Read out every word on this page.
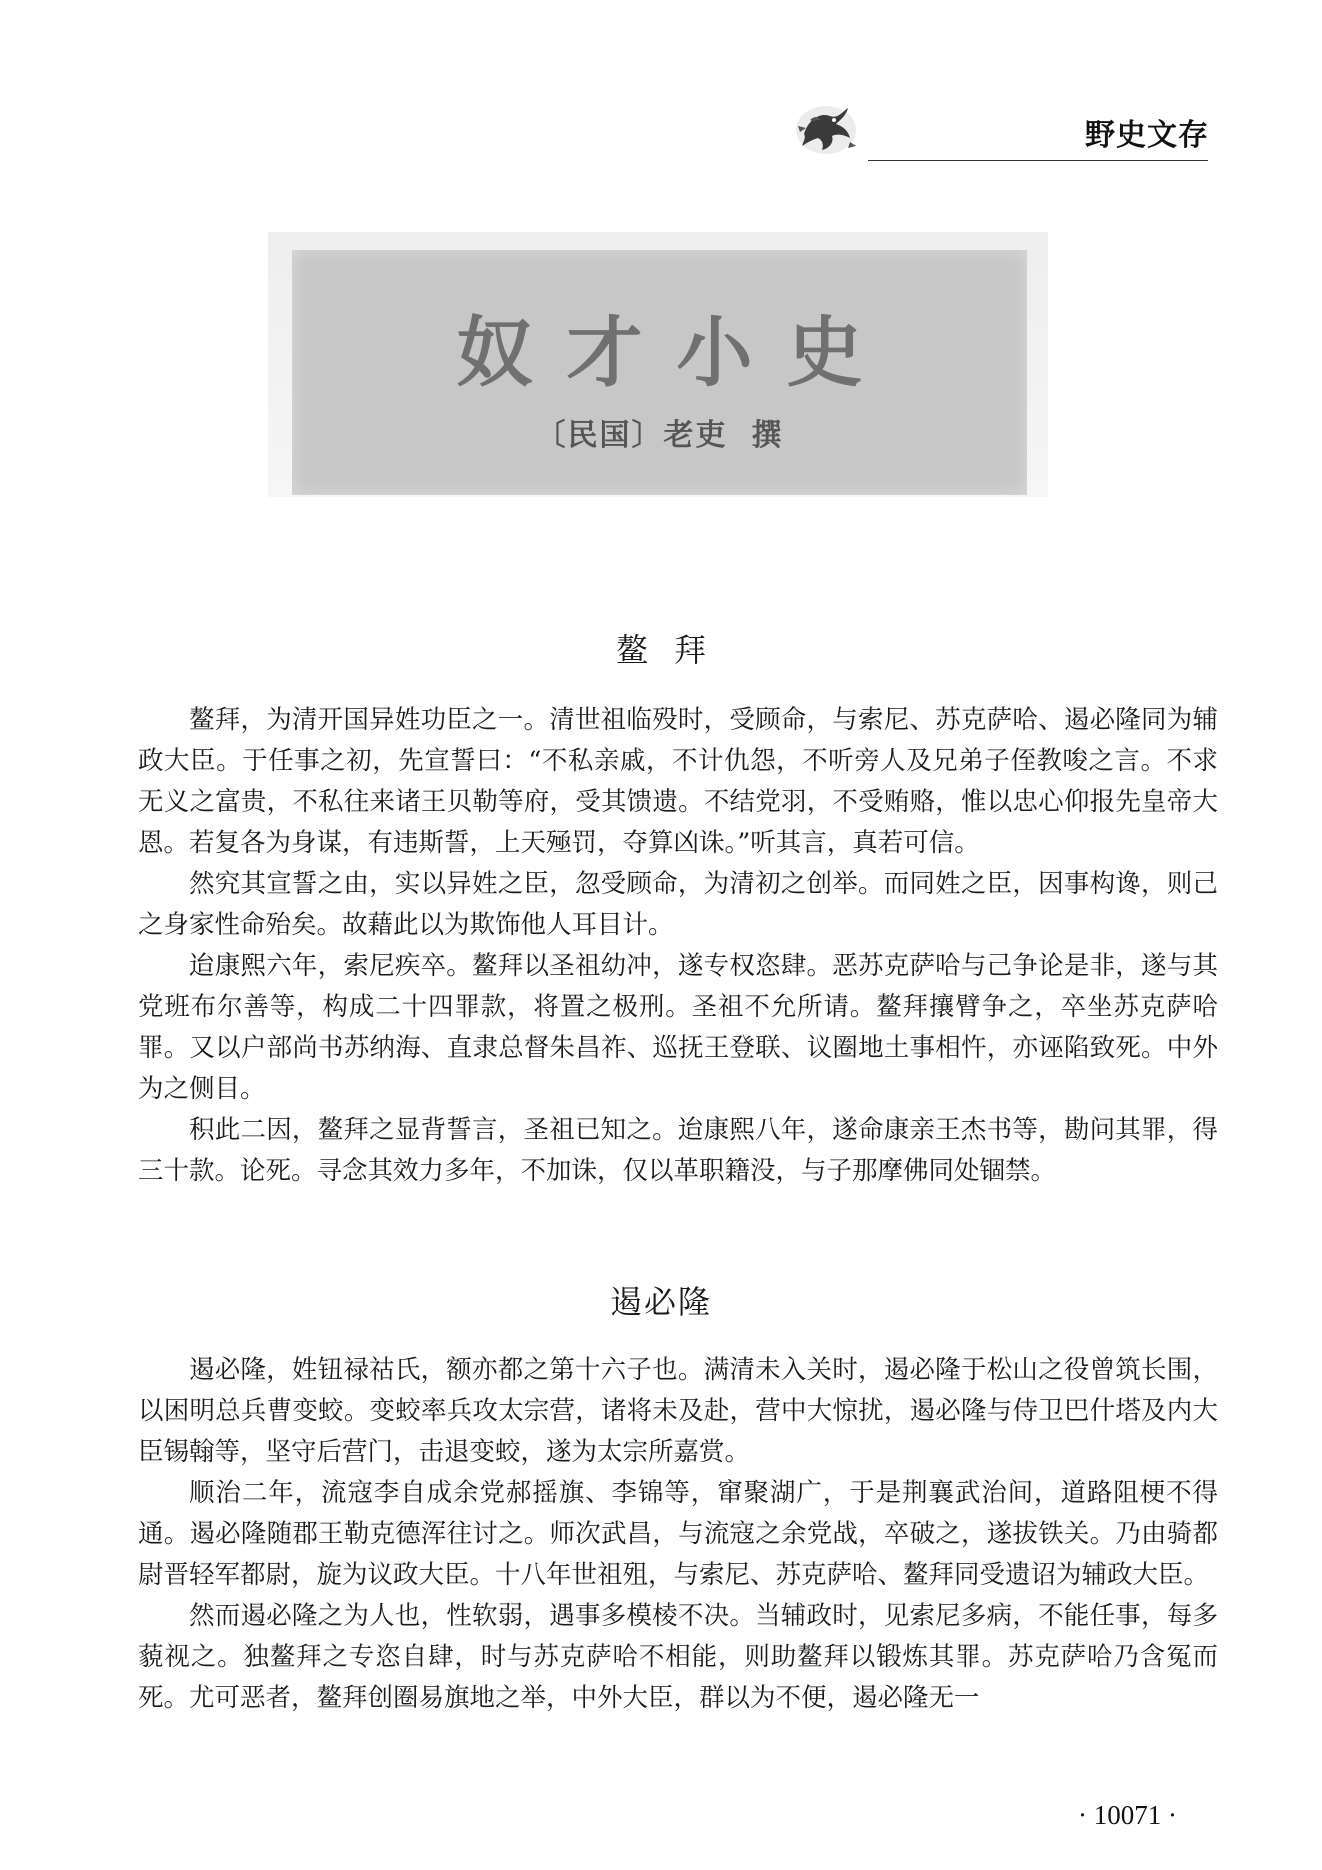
野史文存
奴才小史
〔民国〕老吏 撰
鳌拜

鳌拜，为清开国异姓功臣之一。清世祖临殁时，受顾命，与索尼、苏克萨哈、遏必隆同为辅政大臣。于任事之初，先宣誓曰：“不私亲戚，不计仇怨，不听旁人及兄弟子侄教唆之言。不求无义之富贵，不私往来诸王贝勒等府，受其馈遗。不结党羽，不受贿赂，惟以忠心仰报先皇帝大恩。若复各为身谋，有违斯誓，上天殛罚，夺算凶诛。”听其言，真若可信。

然究其宣誓之由，实以异姓之臣，忽受顾命，为清初之创举。而同姓之臣，因事构谗，则己之身家性命殆矣。故藉此以为欺饰他人耳目计。

迨康熙六年，索尼疾卒。鳌拜以圣祖幼冲，遂专权恣肆。恶苏克萨哈与己争论是非，遂与其党班布尔善等，构成二十四罪款，将置之极刑。圣祖不允所请。鳌拜攘臂争之，卒坐苏克萨哈罪。又以户部尚书苏纳海、直隶总督朱昌祚、巡抚王登联、议圈地土事相忤，亦诬陷致死。中外为之侧目。

积此二因，鳌拜之显背誓言，圣祖已知之。迨康熙八年，遂命康亲王杰书等，勘问其罪，得三十款。论死。寻念其效力多年，不加诛，仅以革职籍没，与子那摩佛同处锢禁。

遏必隆

遏必隆，姓钮禄祜氏，额亦都之第十六子也。满清未入关时，遏必隆于松山之役曾筑长围，以困明总兵曹变蛟。变蛟率兵攻太宗营，诸将未及赴，营中大惊扰，遏必隆与侍卫巴什塔及内大臣锡翰等，坚守后营门，击退变蛟，遂为太宗所嘉赏。

顺治二年，流寇李自成余党郝摇旗、李锦等，窜聚湖广，于是荆襄武治间，道路阻梗不得通。遏必隆随郡王勒克德浑往讨之。师次武昌，与流寇之余党战，卒破之，遂拔铁关。乃由骑都尉晋轻军都尉，旋为议政大臣。十八年世祖殂，与索尼、苏克萨哈、鳌拜同受遗诏为辅政大臣。

然而遏必隆之为人也，性软弱，遇事多模棱不决。当辅政时，见索尼多病，不能任事，每多藐视之。独鳌拜之专恣自肆，时与苏克萨哈不相能，则助鳌拜以锻炼其罪。苏克萨哈乃含冤而死。尤可恶者，鳌拜创圈易旗地之举，中外大臣，群以为不便，遏必隆无一

· 10071 ·
